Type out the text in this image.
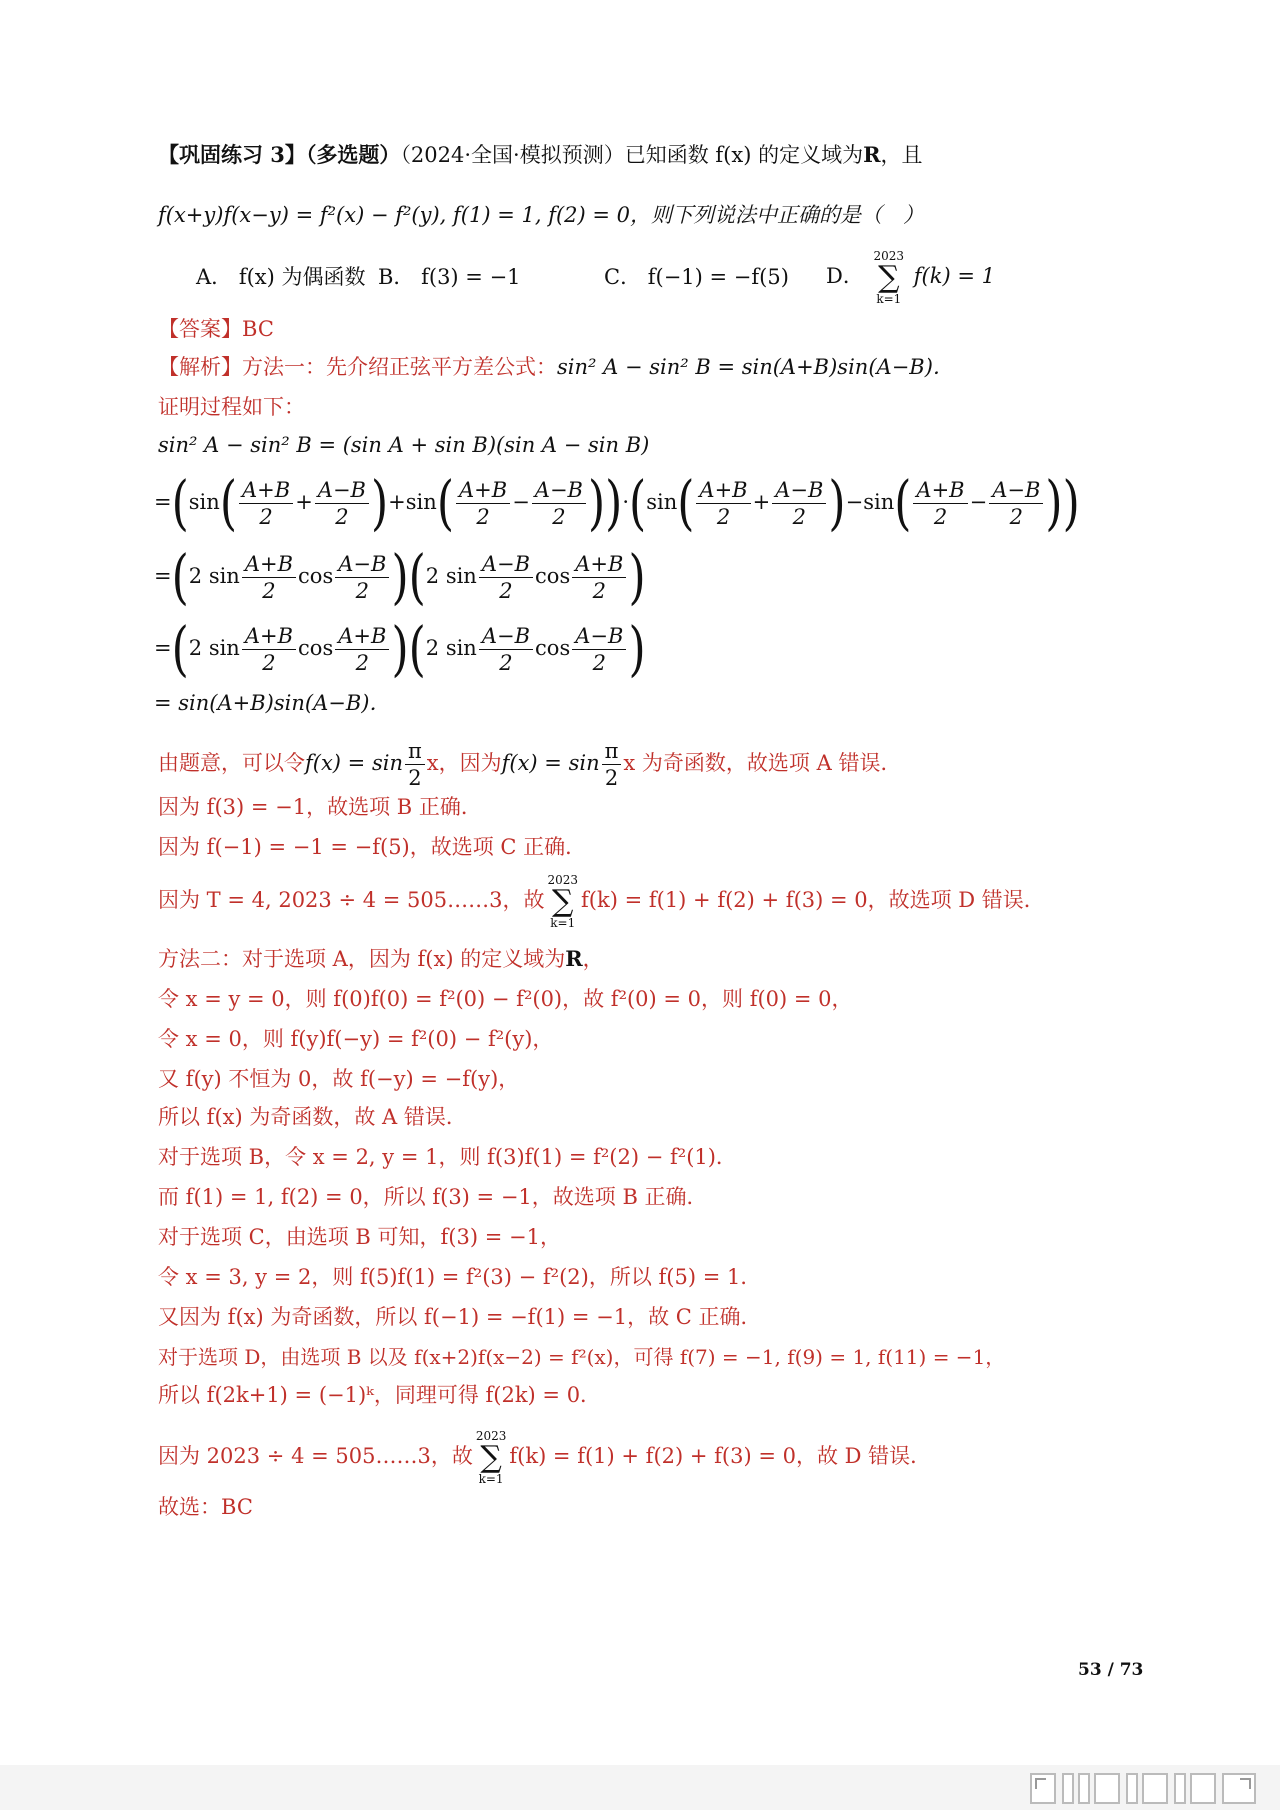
【巩固练习 3】（多选题）（2024·全国·模拟预测）已知函数 f(x) 的定义域为R，且
f(x+y)f(x−y) = f²(x) − f²(y), f(1) = 1, f(2) = 0，则下列说法中正确的是（　）
A． f(x) 为偶函数 B． f(3) = −1	C． f(−1) = −f(5) D．
2023
∑
k=1
f(k) = 1
【答案】BC
【解析】方法一：先介绍正弦平方差公式：sin² A − sin² B = sin(A+B)sin(A−B)．
证明过程如下：
sin² A − sin² B = (sin A + sin B)(sin A − sin B)
$=(\sin( \frac{A+B}{2} + \frac{A-B}{2} )+\sin( \frac{A+B}{2} - \frac{A-B}{2} ))\cdot(\sin( \frac{A+B}{2} + \frac{A-B}{2} )-\sin( \frac{A+B}{2} - \frac{A-B}{2}$ ))
=(2 $\sin \frac{A+B}{2}$ $\cos \frac{A-B}{2} )(2$ $\sin \frac{A-B}{2}$ $\cos \frac{A+B}{2}$ )
=(2 $\sin \frac{A+B}{2}$ $\cos \frac{A+B}{2} )(2$ $\sin \frac{A-B}{2}$ $\cos \frac{A-B}{2}$ )
= sin(A+B)sin(A−B)．
由题意，可以令$f(x) = \sin \frac{\pi}{2}$ x，因为$f(x) = \sin \frac{\pi}{2}$ x 为奇函数，故选项 A 错误．
因为 f(3) = −1，故选项 B 正确．
因为 f(−1) = −1 = −f(5)，故选项 C 正确．
因为 T = 4, 2023 ÷ 4 = 505……3，故
2023
∑
k=1
f(k) = f(1) + f(2) + f(3) = 0，故选项 D 错误．
方法二：对于选项 A，因为 f(x) 的定义域为R，
令 x = y = 0，则 f(0)f(0) = f²(0) − f²(0)，故 f²(0) = 0，则 f(0) = 0，
令 x = 0，则 f(y)f(−y) = f²(0) − f²(y)，
又 f(y) 不恒为 0，故 f(−y) = −f(y)，
所以 f(x) 为奇函数，故 A 错误．
对于选项 B，令 x = 2, y = 1，则 f(3)f(1) = f²(2) − f²(1)．
而 f(1) = 1, f(2) = 0，所以 f(3) = −1，故选项 B 正确．
对于选项 C，由选项 B 可知，f(3) = −1，
令 x = 3, y = 2，则 f(5)f(1) = f²(3) − f²(2)，所以 f(5) = 1．
又因为 f(x) 为奇函数，所以 f(−1) = −f(1) = −1，故 C 正确．
对于选项 D，由选项 B 以及 f(x+2)f(x−2) = f²(x)，可得 f(7) = −1, f(9) = 1, f(11) = −1，
所以 f(2k+1) = (−1)ᵏ，同理可得 f(2k) = 0．
因为 2023 ÷ 4 = 505……3，故
2023
∑
k=1
f(k) = f(1) + f(2) + f(3) = 0，故 D 错误．
故选：BC
53 / 73
